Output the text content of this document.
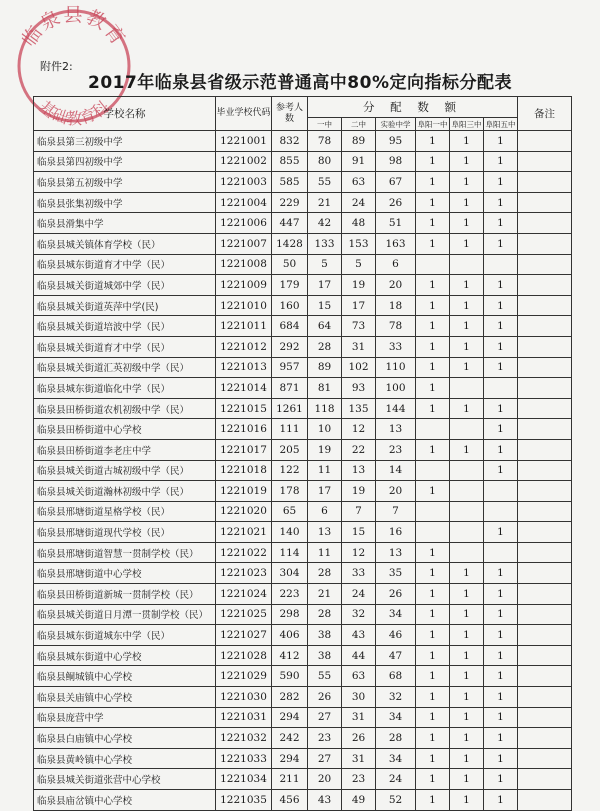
临泉县教育
基础教育科
附件2:
2017年临泉县省级示范普通高中80%定向指标分配表
学校名称	毕业学校代码	参考人数	分 配 数 额						备注
			一中	二中	实验中学	阜阳一中	阜阳三中	阜阳五中	
临泉县第三初级中学	1221001	832	78	89	95	1	1	1	
临泉县第四初级中学	1221002	855	80	91	98	1	1	1	
临泉县第五初级中学	1221003	585	55	63	67	1	1	1	
临泉县张集初级中学	1221004	229	21	24	26	1	1	1	
临泉县滑集中学	1221006	447	42	48	51	1	1	1	
临泉县城关镇体育学校（民）	1221007	1428	133	153	163	1	1	1	
临泉县城东街道育才中学（民）	1221008	50	5	5	6				
临泉县城关街道城郊中学（民）	1221009	179	17	19	20	1	1	1	
临泉县城关街道英萍中学(民)	1221010	160	15	17	18	1	1	1	
临泉县城关街道培波中学（民）	1221011	684	64	73	78	1	1	1	
临泉县城关街道育才中学（民）	1221012	292	28	31	33	1	1	1	
临泉县城关街道汇英初级中学（民）	1221013	957	89	102	110	1	1	1	
临泉县城东街道临化中学（民）	1221014	871	81	93	100	1			
临泉县田桥街道农机初级中学（民）	1221015	1261	118	135	144	1	1	1	
临泉县田桥街道中心学校	1221016	111	10	12	13			1	
临泉县田桥街道李老庄中学	1221017	205	19	22	23	1	1	1	
临泉县城关街道古城初级中学（民）	1221018	122	11	13	14			1	
临泉县城关街道瀚林初级中学（民）	1221019	178	17	19	20	1			
临泉县邢塘街道星格学校（民）	1221020	65	6	7	7				
临泉县邢塘街道现代学校（民）	1221021	140	13	15	16			1	
临泉县邢塘街道智慧一贯制学校（民）	1221022	114	11	12	13	1			
临泉县邢塘街道中心学校	1221023	304	28	33	35	1	1	1	
临泉县田桥街道新城一贯制学校（民）	1221024	223	21	24	26	1	1	1	
临泉县城关街道日月潭一贯制学校（民）	1221025	298	28	32	34	1	1	1	
临泉县城东街道城东中学（民）	1221027	406	38	43	46	1	1	1	
临泉县城东街道中心学校	1221028	412	38	44	47	1	1	1	
临泉县鲖城镇中心学校	1221029	590	55	63	68	1	1	1	
临泉县关庙镇中心学校	1221030	282	26	30	32	1	1	1	
临泉县庞营中学	1221031	294	27	31	34	1	1	1	
临泉县白庙镇中心学校	1221032	242	23	26	28	1	1	1	
临泉县黄岭镇中心学校	1221033	294	27	31	34	1	1	1	
临泉县城关街道张营中心学校	1221034	211	20	23	24	1	1	1	
临泉县庙岔镇中心学校	1221035	456	43	49	52	1	1	1	
